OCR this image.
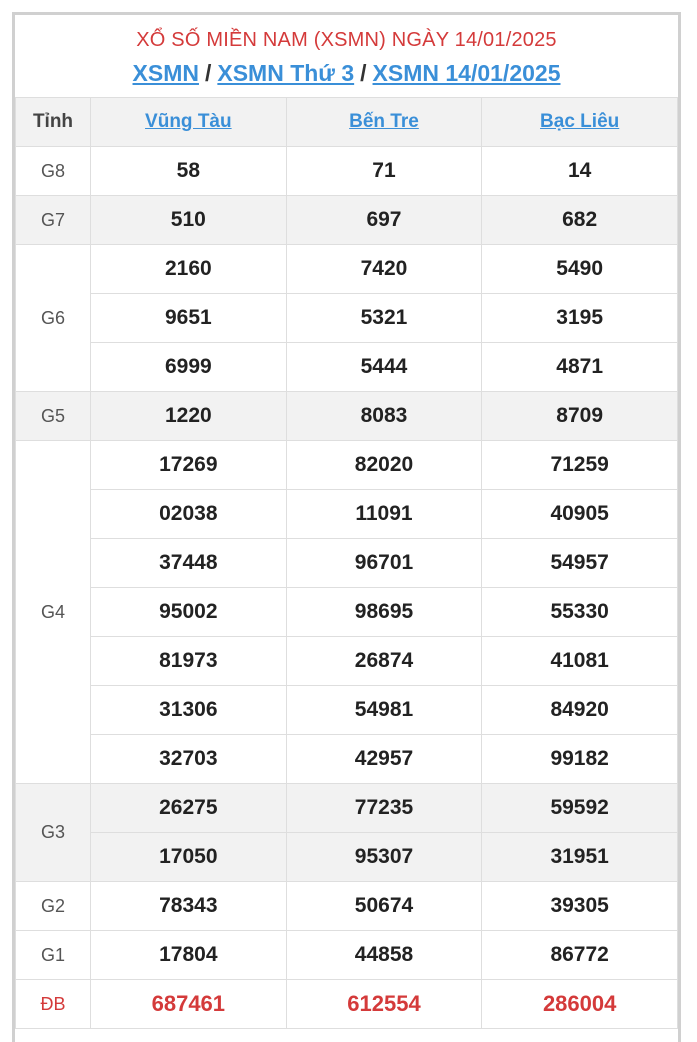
XỔ SỐ MIỀN NAM (XSMN) NGÀY 14/01/2025
XSMN / XSMN Thứ 3 / XSMN 14/01/2025
Tỉnh	Vũng Tàu	Bến Tre	Bạc Liêu
G8	58	71	14
G7	510	697	682
G6	2160	7420	5490
	9651	5321	3195
	6999	5444	4871
G5	1220	8083	8709
G4	17269	82020	71259
	02038	11091	40905
	37448	96701	54957
	95002	98695	55330
	81973	26874	41081
	31306	54981	84920
	32703	42957	99182
G3	26275	77235	59592
	17050	95307	31951
G2	78343	50674	39305
G1	17804	44858	86772
ĐB	687461	612554	286004
